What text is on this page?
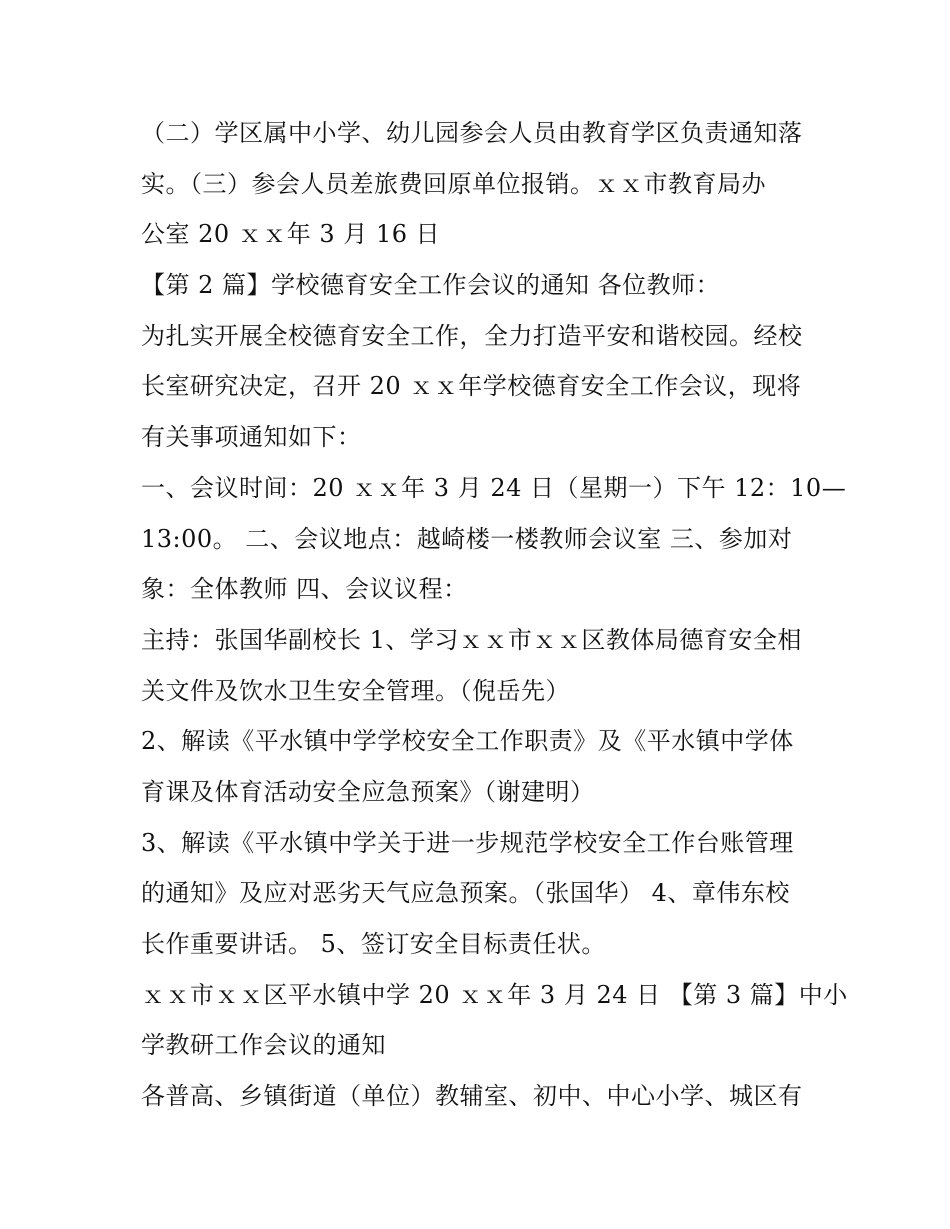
（二）学区属中小学、幼儿园参会人员由教育学区负责通知落
实。（三）参会人员差旅费回原单位报销。ｘｘ市教育局办
公室 20 ｘｘ年 3 月 16 日
【第 2 篇】学校德育安全工作会议的通知 各位教师：
为扎实开展全校德育安全工作，全力打造平安和谐校园。经校
长室研究决定，召开 20 ｘｘ年学校德育安全工作会议，现将
有关事项通知如下：
一、会议时间：20 ｘｘ年 3 月 24 日（星期一）下午 12：10—
13:00。 二、会议地点：越崎楼一楼教师会议室 三、参加对
象：全体教师 四、会议议程：
主持：张国华副校长 1、学习ｘｘ市ｘｘ区教体局德育安全相
关文件及饮水卫生安全管理。（倪岳先）
2、解读《平水镇中学学校安全工作职责》及《平水镇中学体
育课及体育活动安全应急预案》（谢建明）
3、解读《平水镇中学关于进一步规范学校安全工作台账管理
的通知》及应对恶劣天气应急预案。（张国华） 4、章伟东校
长作重要讲话。 5、签订安全目标责任状。
ｘｘ市ｘｘ区平水镇中学 20 ｘｘ年 3 月 24 日 【第 3 篇】中小
学教研工作会议的通知
各普高、乡镇街道（单位）教辅室、初中、中心小学、城区有
